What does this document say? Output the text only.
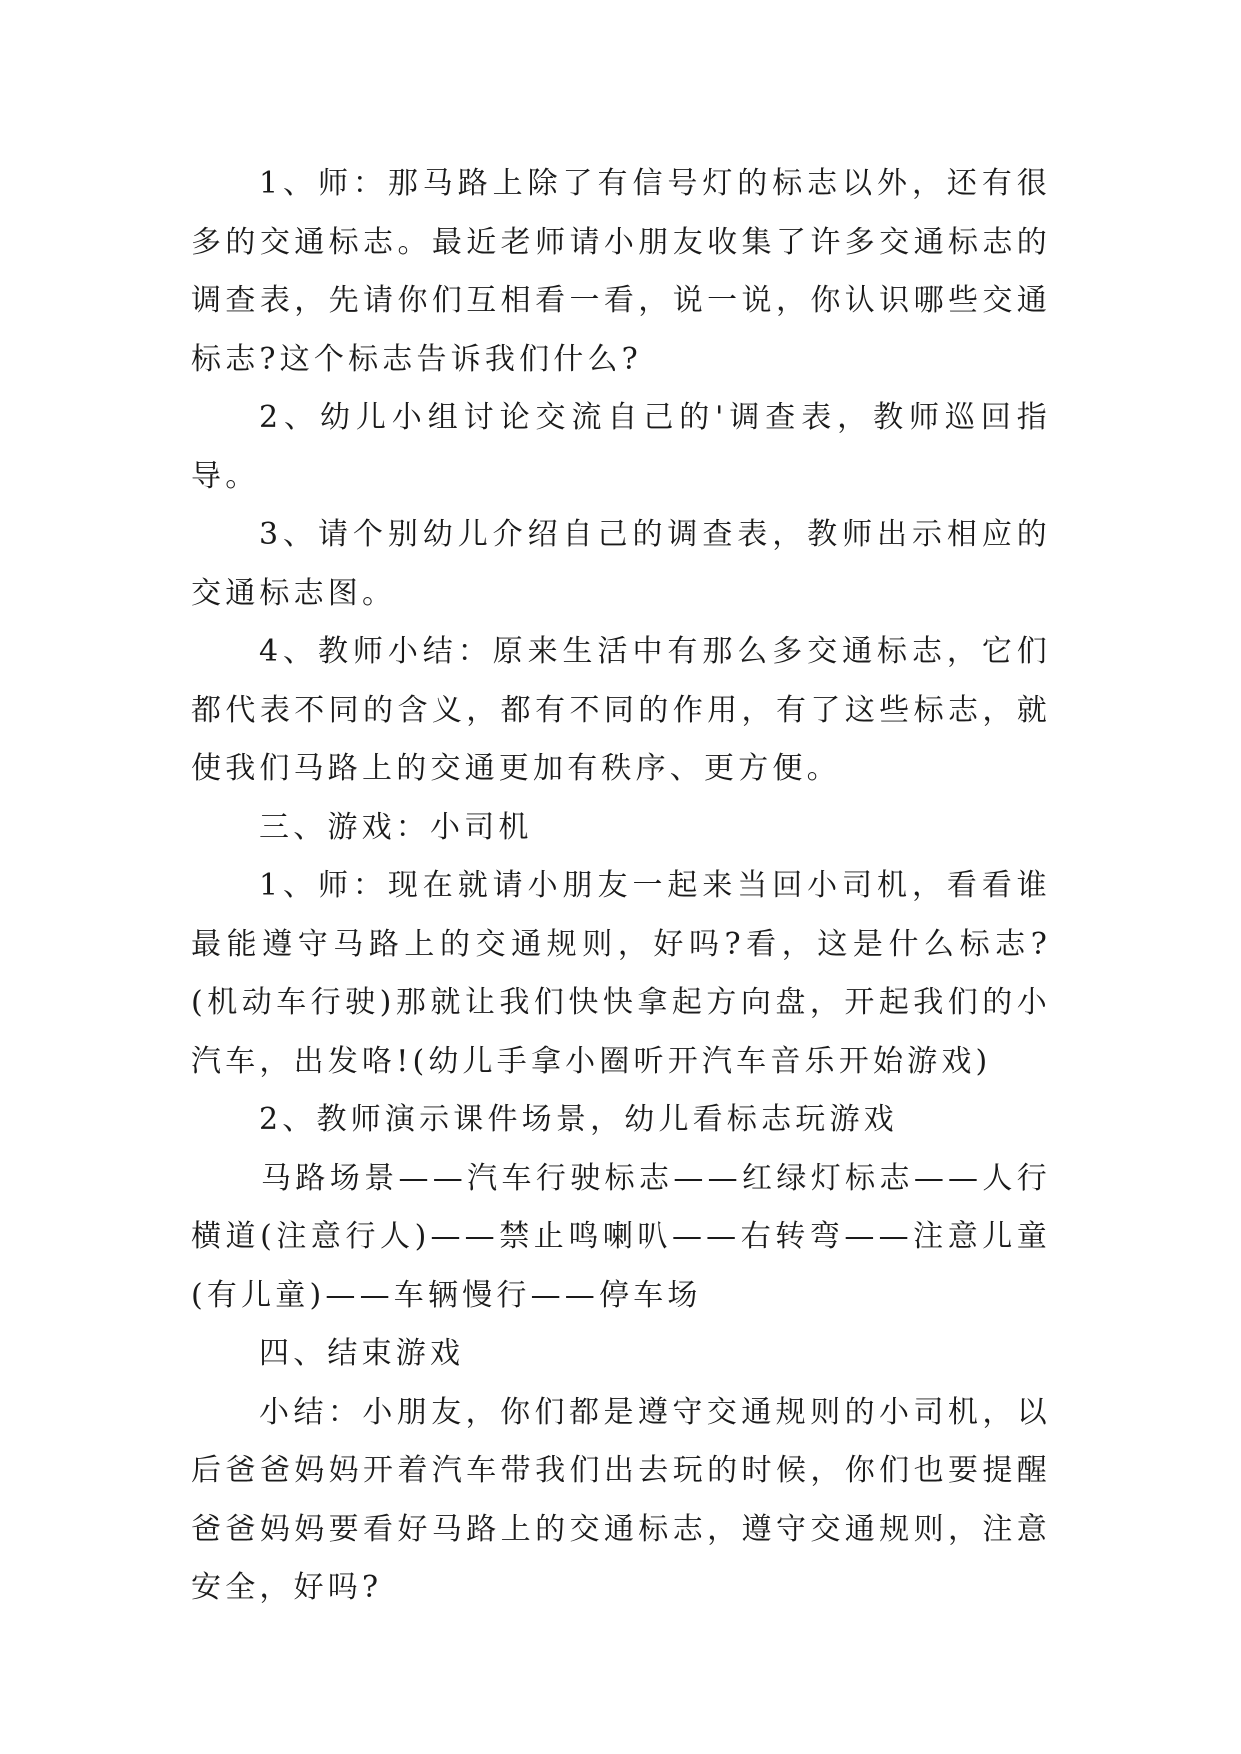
1、师：那马路上除了有信号灯的标志以外，还有很多的交通标志。最近老师请小朋友收集了许多交通标志的调查表，先请你们互相看一看，说一说，你认识哪些交通标志?这个标志告诉我们什么?

2、幼儿小组讨论交流自己的'调查表，教师巡回指导。

3、请个别幼儿介绍自己的调查表，教师出示相应的交通标志图。

4、教师小结：原来生活中有那么多交通标志，它们都代表不同的含义，都有不同的作用，有了这些标志，就使我们马路上的交通更加有秩序、更方便。

三、游戏：小司机

1、师：现在就请小朋友一起来当回小司机，看看谁最能遵守马路上的交通规则，好吗?看，这是什么标志?(机动车行驶)那就让我们快快拿起方向盘，开起我们的小汽车，出发咯!(幼儿手拿小圈听开汽车音乐开始游戏)

2、教师演示课件场景，幼儿看标志玩游戏

马路场景——汽车行驶标志——红绿灯标志——人行横道(注意行人)——禁止鸣喇叭——右转弯——注意儿童(有儿童)——车辆慢行——停车场

四、结束游戏

小结：小朋友，你们都是遵守交通规则的小司机，以后爸爸妈妈开着汽车带我们出去玩的时候，你们也要提醒爸爸妈妈要看好马路上的交通标志，遵守交通规则，注意安全，好吗?
